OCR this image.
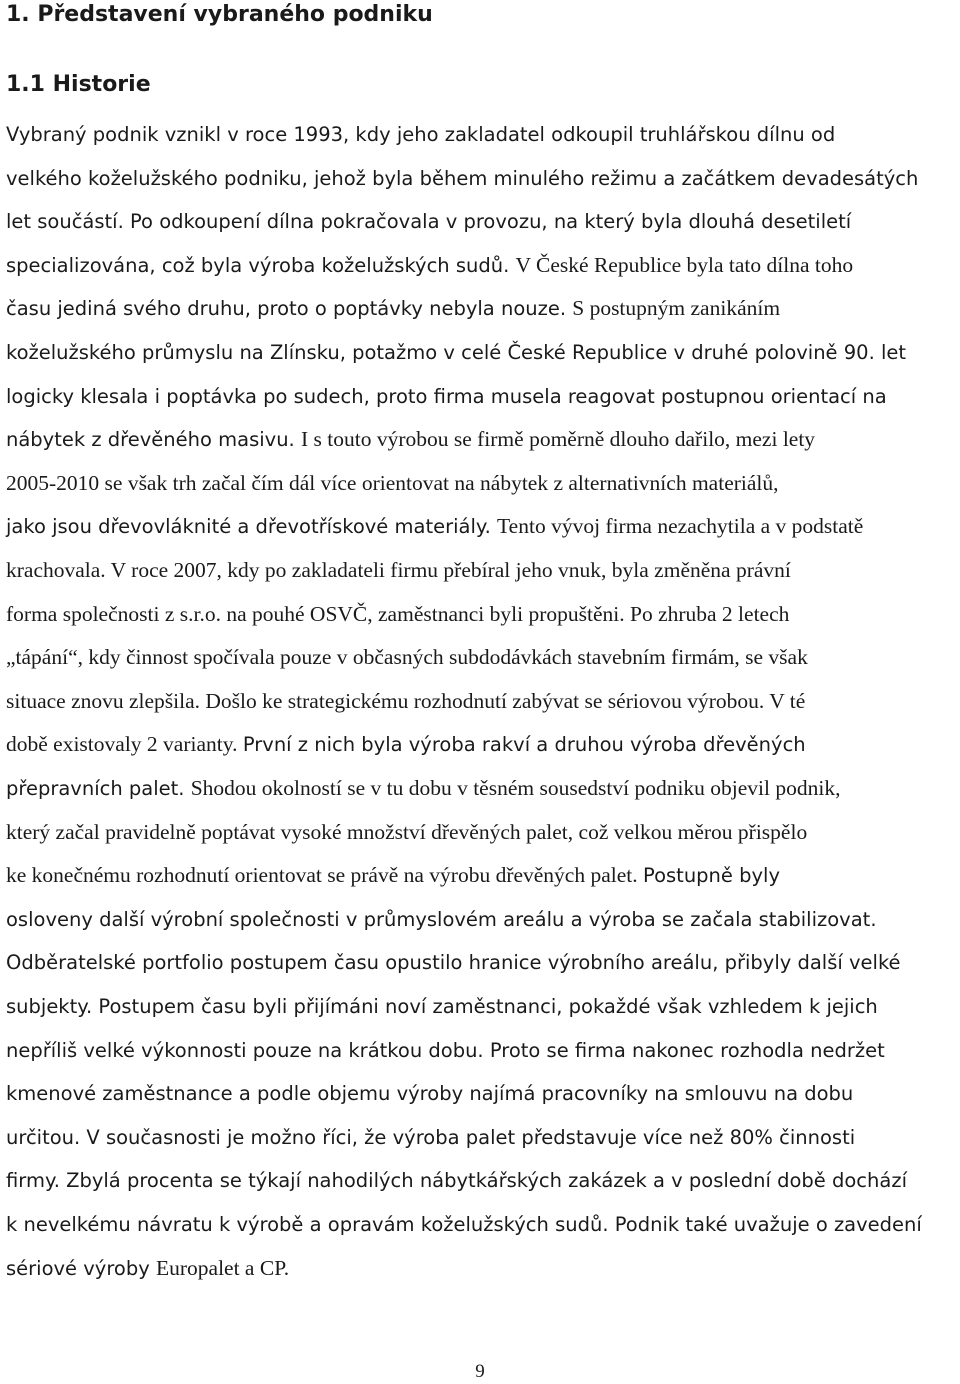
1. Představení vybraného podniku
1.1 Historie
Vybraný podnik vznikl v roce 1993, kdy jeho zakladatel odkoupil truhlářskou dílnu od
velkého koželužského podniku, jehož byla během minulého režimu a začátkem devadesátých
let součástí. Po odkoupení dílna pokračovala v provozu, na který byla dlouhá desetiletí
specializována, což byla výroba koželužských sudů. V České Republice byla tato dílna toho
času jediná svého druhu, proto o poptávky nebyla nouze. S postupným zanikáním
koželužského průmyslu na Zlínsku, potažmo v celé České Republice v druhé polovině 90. let
logicky klesala i poptávka po sudech, proto firma musela reagovat postupnou orientací na
nábytek z dřevěného masivu. I s touto výrobou se firmě poměrně dlouho dařilo, mezi lety
2005-2010 se však trh začal čím dál více orientovat na nábytek z alternativních materiálů,
jako jsou dřevovláknité a dřevotřískové materiály. Tento vývoj firma nezachytila a v podstatě
krachovala. V roce 2007, kdy po zakladateli firmu přebíral jeho vnuk, byla změněna právní
forma společnosti z s.r.o. na pouhé OSVČ, zaměstnanci byli propuštěni. Po zhruba 2 letech
„tápání“, kdy činnost spočívala pouze v občasných subdodávkách stavebním firmám, se však
situace znovu zlepšila. Došlo ke strategickému rozhodnutí zabývat se sériovou výrobou. V té
době existovaly 2 varianty. První z nich byla výroba rakví a druhou výroba dřevěných
přepravních palet. Shodou okolností se v tu dobu v těsném sousedství podniku objevil podnik,
který začal pravidelně poptávat vysoké množství dřevěných palet, což velkou měrou přispělo
ke konečnému rozhodnutí orientovat se právě na výrobu dřevěných palet. Postupně byly
osloveny další výrobní společnosti v průmyslovém areálu a výroba se začala stabilizovat.
Odběratelské portfolio postupem času opustilo hranice výrobního areálu, přibyly další velké
subjekty. Postupem času byli přijímáni noví zaměstnanci, pokaždé však vzhledem k jejich
nepříliš velké výkonnosti pouze na krátkou dobu. Proto se firma nakonec rozhodla nedržet
kmenové zaměstnance a podle objemu výroby najímá pracovníky na smlouvu na dobu
určitou. V současnosti je možno říci, že výroba palet představuje více než 80% činnosti
firmy. Zbylá procenta se týkají nahodilých nábytkářských zakázek a v poslední době dochází
k nevelkému návratu k výrobě a opravám koželužských sudů. Podnik také uvažuje o zavedení
sériové výroby Europalet a CP.
9
